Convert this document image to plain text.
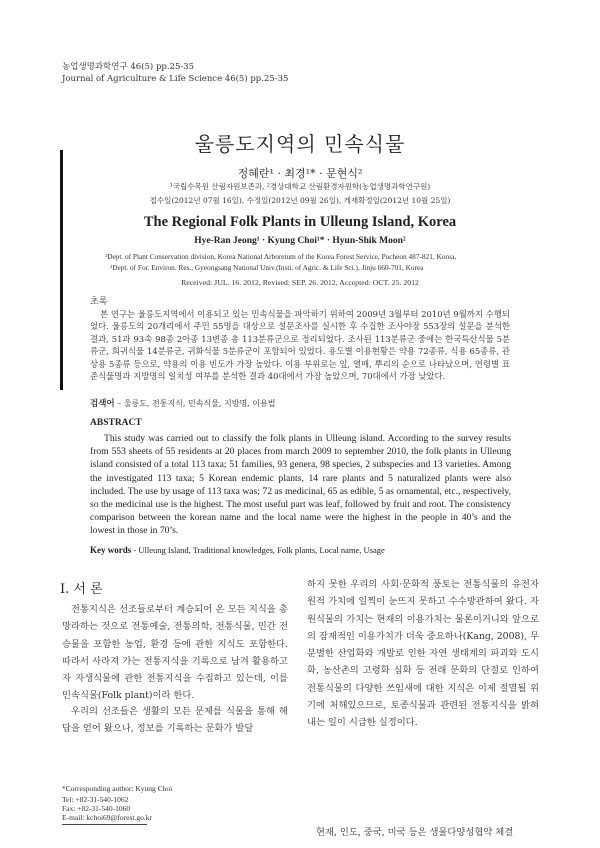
농업생명과학연구 46(5) pp.25-35
Journal of Agriculture & Life Science 46(5) pp.25-35
울릉도지역의 민속식물
정혜란¹ · 최경¹* · 문현식²
¹국립수목원 산림자원보존과, ²경상대학교 산림환경자원학(농업생명과학연구원)
접수일(2012년 07월 16일), 수정일(2012년 09월 26일), 게재확정일(2012년 10월 25일)
The Regional Folk Plants in Ulleung Island, Korea
Hye-Ran Jeong¹ · Kyung Choi¹* · Hyun-Shik Moon²
¹Dept. of Plant Conservation division, Korea National Arboretum of the Korea Forest Service, Pocheon 487-821, Korea,
²Dept. of For. Environ. Res., Gyeongsang National Univ.(Insti. of Agric. & Life Sci.), Jinju 660-701, Korea
Received: JUL. 16. 2012, Revised: SEP. 26. 2012, Accepted: OCT. 25. 2012
초록
본 연구는 울릉도지역에서 이용되고 있는 민속식물을 파악하기 위하여 2009년 3월부터 2010년 9월까지 수행되었다. 울릉도의 20개리에서 주민 55명을 대상으로 설문조사를 실시한 후 수집한 조사야장 553장의 설문을 분석한 결과, 51과 93속 98종 2아종 13변종 총 113분류군으로 정리되었다. 조사된 113분류군 중에는 한국특산식물 5분류군, 희귀식물 14분류군, 귀화식물 5분류군이 포함되어 있었다. 용도별 이용현황은 약용 72종류, 식용 65종류, 관상용 5종류 등으로, 약용의 이용 빈도가 가장 높았다. 이용 부위로는 잎, 열매, 뿌리의 순으로 나타났으며, 연령별 표준식물명과 지방명의 일치성 여부를 분석한 결과 40대에서 가장 높았으며, 70대에서 가장 낮았다.
검색어 – 울릉도, 전통지식, 민속식물, 지방명, 이용법
ABSTRACT
This study was carried out to classify the folk plants in Ulleung island. According to the survey results from 553 sheets of 55 residents at 20 places from march 2009 to september 2010, the folk plants in Ulleung island consisted of a total 113 taxa; 51 families, 93 genera, 98 species, 2 subspecies and 13 varieties. Among the investigated 113 taxa; 5 Korean endemic plants, 14 rare plants and 5 naturalized plants were also included. The use by usage of 113 taxa was; 72 as medicinal, 65 as edible, 5 as ornamental, etc., respectively, so the medicinal use is the highest. The most useful part was leaf, followed by fruit and root. The consistency comparison between the korean name and the local name were the highest in the people in 40’s and the lowest in those in 70’s.
Key words - Ulleung Island, Traditional knowledges, Folk plants, Local name, Usage
Ⅰ. 서 론
전통지식은 선조들로부터 계승되어 온 모든 지식을 총망라하는 것으로 전통예술, 전통의학, 전통식물, 민간 전승물을 포함한 농업, 환경 등에 관한 지식도 포함한다. 따라서 사라져 가는 전통지식을 기록으로 남겨 활용하고자 자생식물에 관한 전통지식을 수집하고 있는데, 이를 민속식물(Folk plant)이라 한다.
우리의 선조들은 생활의 모든 문제를 식물을 통해 해답을 얻어 왔으나, 정보를 기록하는 문화가 발달
하지 못한 우리의 사회·문화적 풍토는 전통식물의 유전자원적 가치에 일찍이 눈뜨지 못하고 수수방관하여 왔다. 자원식물의 가치는 현재의 이용가치는 물론이거니와 앞으로의 잠재적인 이용가치가 더욱 중요하나(Kang, 2008), 무분별한 산업화와 개발로 인한 자연 생태계의 파괴와 도시화, 농산촌의 고령화 심화 등 전래 문화의 단절로 인하여 전통식물의 다양한 쓰임새에 대한 지식은 이제 절멸될 위기에 처해있으므로, 토종식물과 관련된 전통지식을 밝혀내는 일이 시급한 실정이다.
현재, 인도, 중국, 미국 등은 생물다양성협약 체결
*Corresponding author: Kyung Choi
Tel: +82-31-540-1062
Fax: +82-31-540-1060
E-mail: kchoi69@forest.go.kr
